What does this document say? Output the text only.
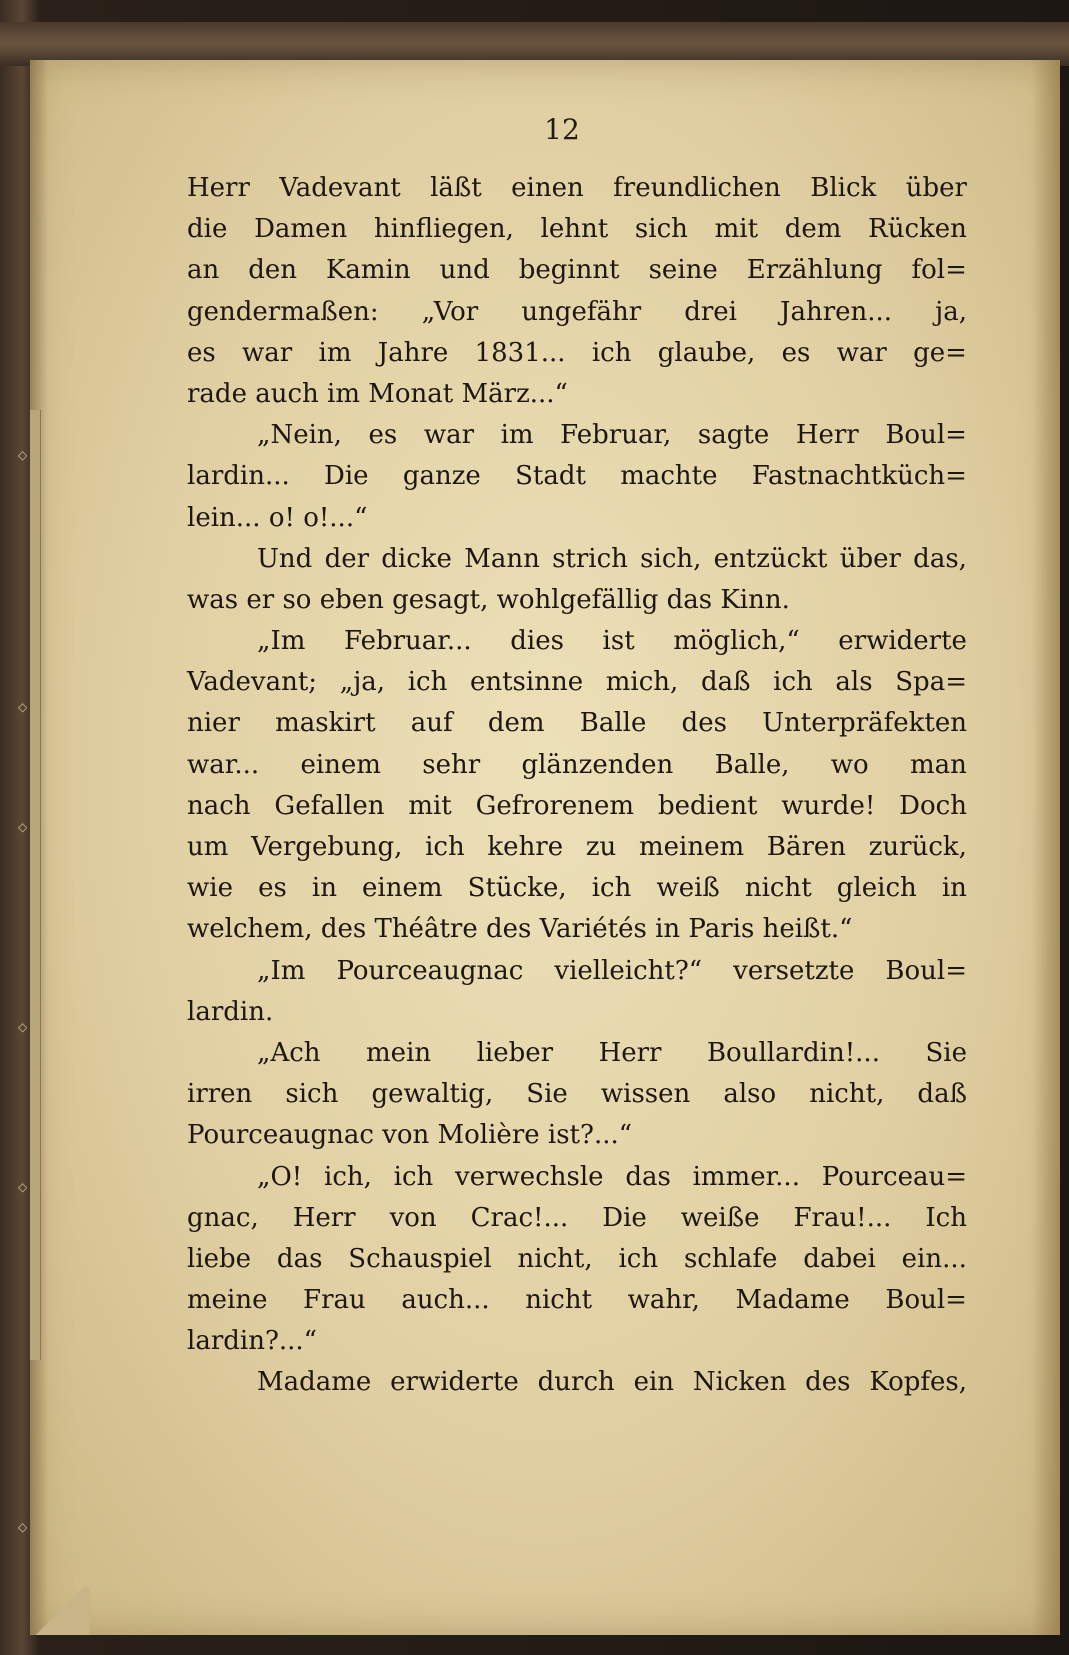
◇
◇
◇
◇
◇
◇
12
Herr Vadevant läßt einen freundlichen Blick über
die Damen hinfliegen, lehnt sich mit dem Rücken
an den Kamin und beginnt seine Erzählung fol=
gendermaßen: „Vor ungefähr drei Jahren... ja,
es war im Jahre 1831... ich glaube, es war ge=
rade auch im Monat März...“
„Nein, es war im Februar, sagte Herr Boul=
lardin... Die ganze Stadt machte Fastnachtküch=
lein... o! o!...“
Und der dicke Mann strich sich, entzückt über das,
was er so eben gesagt, wohlgefällig das Kinn.
„Im Februar... dies ist möglich,“ erwiderte
Vadevant; „ja, ich entsinne mich, daß ich als Spa=
nier maskirt auf dem Balle des Unterpräfekten
war... einem sehr glänzenden Balle, wo man
nach Gefallen mit Gefrorenem bedient wurde! Doch
um Vergebung, ich kehre zu meinem Bären zurück,
wie es in einem Stücke, ich weiß nicht gleich in
welchem, des Théâtre des Variétés in Paris heißt.“
„Im Pourceaugnac vielleicht?“ versetzte Boul=
lardin.
„Ach mein lieber Herr Boullardin!... Sie
irren sich gewaltig, Sie wissen also nicht, daß
Pourceaugnac von Molière ist?...“
„O! ich, ich verwechsle das immer... Pourceau=
gnac, Herr von Crac!... Die weiße Frau!... Ich
liebe das Schauspiel nicht, ich schlafe dabei ein...
meine Frau auch... nicht wahr, Madame Boul=
lardin?...“
Madame erwiderte durch ein Nicken des Kopfes,
